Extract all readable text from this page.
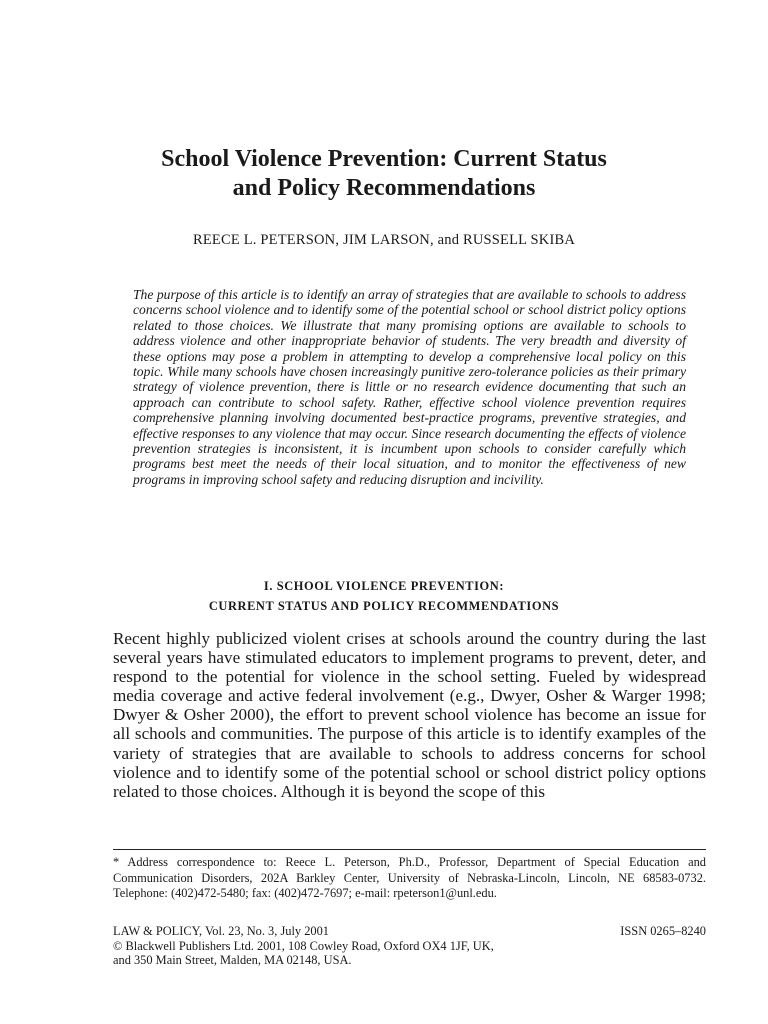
School Violence Prevention: Current Status
and Policy Recommendations

REECE L. PETERSON, JIM LARSON, and RUSSELL SKIBA

The purpose of this article is to identify an array of strategies that are available to schools to address concerns school violence and to identify some of the potential school or school district policy options related to those choices. We illustrate that many promising options are available to schools to address violence and other inappropriate behavior of students. The very breadth and diversity of these options may pose a problem in attempting to develop a comprehensive local policy on this topic. While many schools have chosen increasingly punitive zero-tolerance policies as their primary strategy of violence prevention, there is little or no research evidence documenting that such an approach can contribute to school safety. Rather, effective school violence prevention requires comprehensive planning involving documented best-practice programs, preventive strategies, and effective responses to any violence that may occur. Since research documenting the effects of violence prevention strategies is inconsistent, it is incumbent upon schools to consider carefully which programs best meet the needs of their local situation, and to monitor the effectiveness of new programs in improving school safety and reducing disruption and incivility.

I. SCHOOL VIOLENCE PREVENTION:
CURRENT STATUS AND POLICY RECOMMENDATIONS

Recent highly publicized violent crises at schools around the country during the last several years have stimulated educators to implement programs to prevent, deter, and respond to the potential for violence in the school setting. Fueled by widespread media coverage and active federal involvement (e.g., Dwyer, Osher & Warger 1998; Dwyer & Osher 2000), the effort to prevent school violence has become an issue for all schools and communities. The purpose of this article is to identify examples of the variety of strategies that are available to schools to address concerns for school violence and to identify some of the potential school or school district policy options related to those choices. Although it is beyond the scope of this

* Address correspondence to: Reece L. Peterson, Ph.D., Professor, Department of Special Education and Communication Disorders, 202A Barkley Center, University of Nebraska-Lincoln, Lincoln, NE 68583-0732. Telephone: (402)472-5480; fax: (402)472-7697; e-mail: rpeterson1@unl.edu.

LAW & POLICY, Vol. 23, No. 3, July 2001	ISSN 0265–8240
© Blackwell Publishers Ltd. 2001, 108 Cowley Road, Oxford OX4 1JF, UK,
and 350 Main Street, Malden, MA 02148, USA.
